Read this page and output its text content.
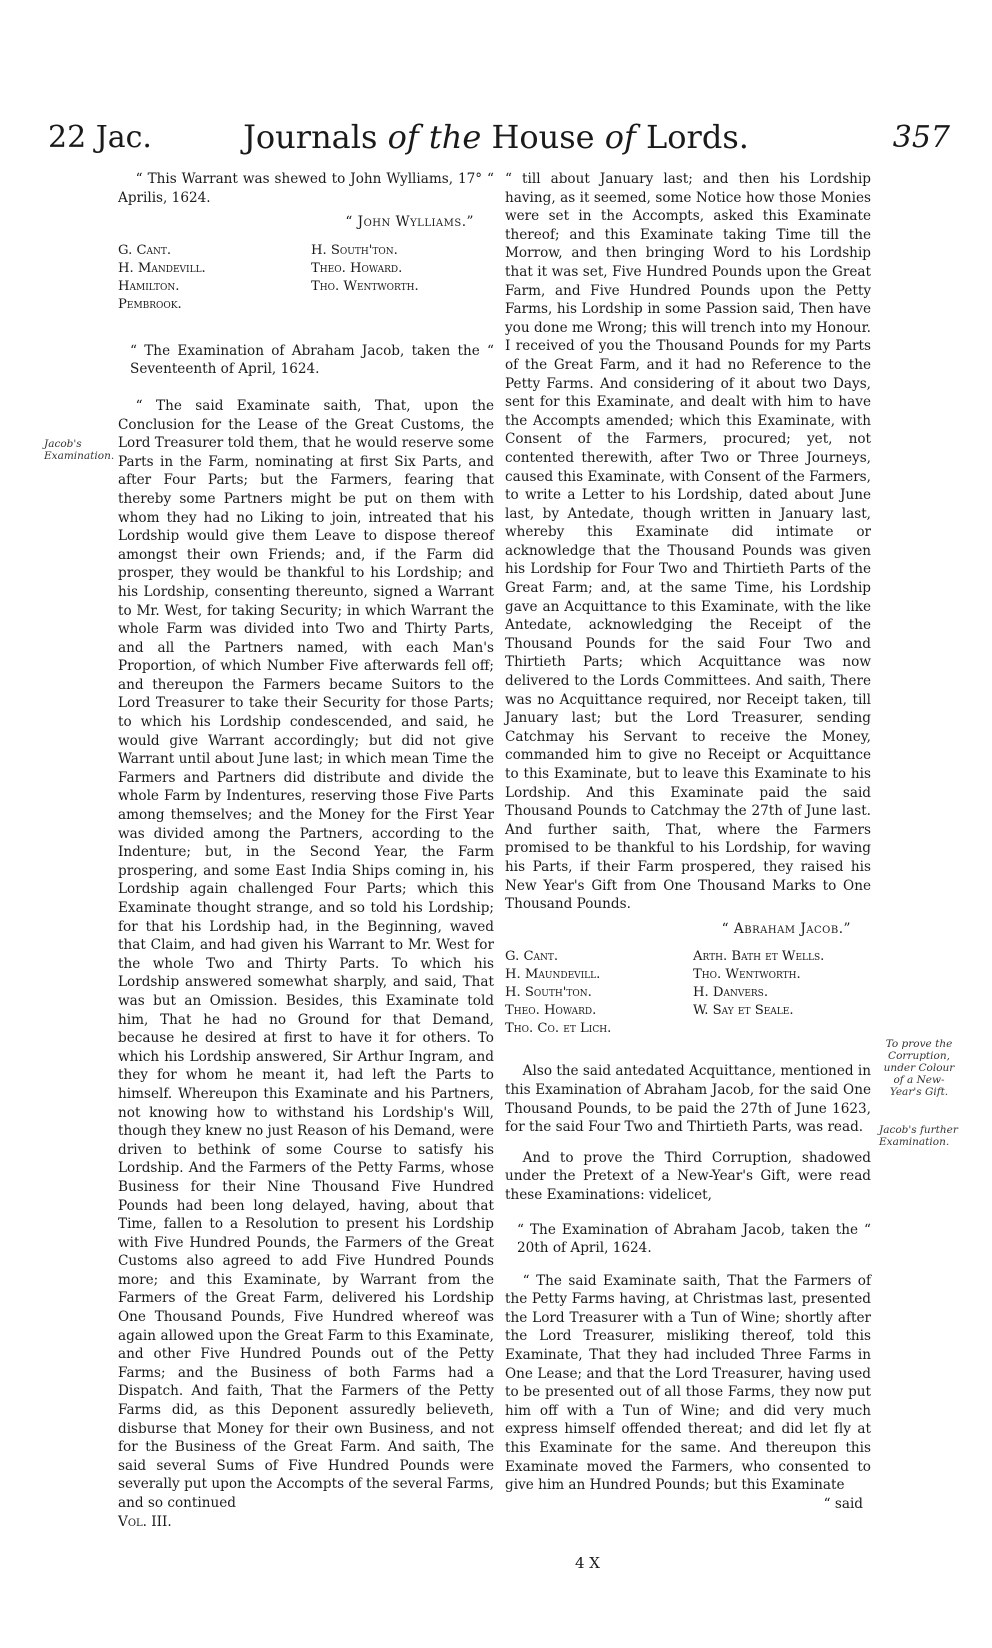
22 Jac.	Journals of the House of Lords.	357

“ This Warrant was shewed to John Wylliams, 17° “ Aprilis, 1624.

“ John Wylliams.”

G. Cant.	H. South'ton.
H. Mandevill.	Theo. Howard.
Hamilton.	Tho. Wentworth.
Pembrook.

“ The Examination of Abraham Jacob, taken the “ Seventeenth of April, 1624.

“ The said Examinate saith, That, upon the Conclusion for the Lease of the Great Customs, the Lord Treasurer told them, that he would reserve some Parts in the Farm, nominating at first Six Parts, and after Four Parts; but the Farmers, fearing that thereby some Partners might be put on them with whom they had no Liking to join, intreated that his Lordship would give them Leave to dispose thereof amongst their own Friends; and, if the Farm did prosper, they would be thankful to his Lordship; and his Lordship, consenting thereunto, signed a Warrant to Mr. West, for taking Security; in which Warrant the whole Farm was divided into Two and Thirty Parts, and all the Partners named, with each Man's Proportion, of which Number Five afterwards fell off; and thereupon the Farmers became Suitors to the Lord Treasurer to take their Security for those Parts; to which his Lordship condescended, and said, he would give Warrant accordingly; but did not give Warrant until about June last; in which mean Time the Farmers and Partners did distribute and divide the whole Farm by Indentures, reserving those Five Parts among themselves; and the Money for the First Year was divided among the Partners, according to the Indenture; but, in the Second Year, the Farm prospering, and some East India Ships coming in, his Lordship again challenged Four Parts; which this Examinate thought strange, and so told his Lordship; for that his Lordship had, in the Beginning, waved that Claim, and had given his Warrant to Mr. West for the whole Two and Thirty Parts. To which his Lordship answered somewhat sharply, and said, That was but an Omission. Besides, this Examinate told him, That he had no Ground for that Demand, because he desired at first to have it for others. To which his Lordship answered, Sir Arthur Ingram, and they for whom he meant it, had left the Parts to himself. Whereupon this Examinate and his Partners, not knowing how to withstand his Lordship's Will, though they knew no just Reason of his Demand, were driven to bethink of some Course to satisfy his Lordship. And the Farmers of the Petty Farms, whose Business for their Nine Thousand Five Hundred Pounds had been long delayed, having, about that Time, fallen to a Resolution to present his Lordship with Five Hundred Pounds, the Farmers of the Great Customs also agreed to add Five Hundred Pounds more; and this Examinate, by Warrant from the Farmers of the Great Farm, delivered his Lordship One Thousand Pounds, Five Hundred whereof was again allowed upon the Great Farm to this Examinate, and other Five Hundred Pounds out of the Petty Farms; and the Business of both Farms had a Dispatch. And faith, That the Farmers of the Petty Farms did, as this Deponent assuredly believeth, disburse that Money for their own Business, and not for the Business of the Great Farm. And saith, The said several Sums of Five Hundred Pounds were severally put upon the Accompts of the several Farms, and so continued

Vol. III.

“ till about January last; and then his Lordship having, as it seemed, some Notice how those Monies were set in the Accompts, asked this Examinate thereof; and this Examinate taking Time till the Morrow, and then bringing Word to his Lordship that it was set, Five Hundred Pounds upon the Great Farm, and Five Hundred Pounds upon the Petty Farms, his Lordship in some Passion said, Then have you done me Wrong; this will trench into my Honour. I received of you the Thousand Pounds for my Parts of the Great Farm, and it had no Reference to the Petty Farms. And considering of it about two Days, sent for this Examinate, and dealt with him to have the Accompts amended; which this Examinate, with Consent of the Farmers, procured; yet, not contented therewith, after Two or Three Journeys, caused this Examinate, with Consent of the Farmers, to write a Letter to his Lordship, dated about June last, by Antedate, though written in January last, whereby this Examinate did intimate or acknowledge that the Thousand Pounds was given his Lordship for Four Two and Thirtieth Parts of the Great Farm; and, at the same Time, his Lordship gave an Acquittance to this Examinate, with the like Antedate, acknowledging the Receipt of the Thousand Pounds for the said Four Two and Thirtieth Parts; which Acquittance was now delivered to the Lords Committees. And saith, There was no Acquittance required, nor Receipt taken, till January last; but the Lord Treasurer, sending Catchmay his Servant to receive the Money, commanded him to give no Receipt or Acquittance to this Examinate, but to leave this Examinate to his Lordship. And this Examinate paid the said Thousand Pounds to Catchmay the 27th of June last. And further saith, That, where the Farmers promised to be thankful to his Lordship, for waving his Parts, if their Farm prospered, they raised his New Year's Gift from One Thousand Marks to One Thousand Pounds.

“ Abraham Jacob.”

G. Cant.	Arth. Bath et Wells.
H. Maundevill.	Tho. Wentworth.
H. South'ton.	H. Danvers.
Theo. Howard.	W. Say et Seale.
Tho. Co. et Lich.

Also the said antedated Acquittance, mentioned in this Examination of Abraham Jacob, for the said One Thousand Pounds, to be paid the 27th of June 1623, for the said Four Two and Thirtieth Parts, was read.

And to prove the Third Corruption, shadowed under the Pretext of a New-Year's Gift, were read these Examinations: videlicet,

“ The Examination of Abraham Jacob, taken the “ 20th of April, 1624.

“ The said Examinate saith, That the Farmers of the Petty Farms having, at Christmas last, presented the Lord Treasurer with a Tun of Wine; shortly after the Lord Treasurer, misliking thereof, told this Examinate, That they had included Three Farms in One Lease; and that the Lord Treasurer, having used to be presented out of all those Farms, they now put him off with a Tun of Wine; and did very much express himself offended thereat; and did let fly at this Examinate for the same. And thereupon this Examinate moved the Farmers, who consented to give him an Hundred Pounds; but this Examinate

“ said

4 X
Jacob's Examination.
To prove the Corruption, under Colour of a New-Year's Gift.
Jacob's further Examination.
